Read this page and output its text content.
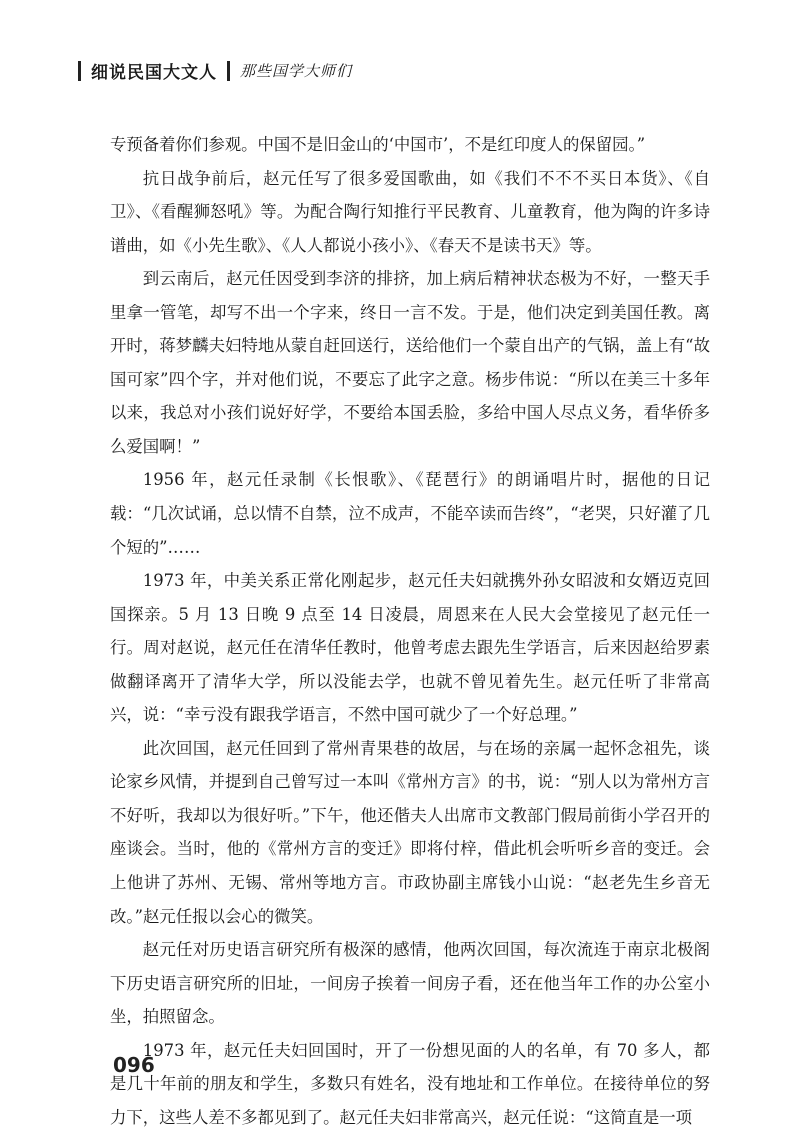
细说民国大文人 那些国学大师们

专预备着你们参观。中国不是旧金山的‘中国市’，不是红印度人的保留园。”

抗日战争前后，赵元任写了很多爱国歌曲，如《我们不不不买日本货》、《自卫》、《看醒狮怒吼》等。为配合陶行知推行平民教育、儿童教育，他为陶的许多诗谱曲，如《小先生歌》、《人人都说小孩小》、《春天不是读书天》等。

到云南后，赵元任因受到李济的排挤，加上病后精神状态极为不好，一整天手里拿一管笔，却写不出一个字来，终日一言不发。于是，他们决定到美国任教。离开时，蒋梦麟夫妇特地从蒙自赶回送行，送给他们一个蒙自出产的气锅，盖上有“故国可家”四个字，并对他们说，不要忘了此字之意。杨步伟说：“所以在美三十多年以来，我总对小孩们说好好学，不要给本国丢脸，多给中国人尽点义务，看华侨多么爱国啊！”

1956 年，赵元任录制《长恨歌》、《琵琶行》的朗诵唱片时，据他的日记载：“几次试诵，总以情不自禁，泣不成声，不能卒读而告终”，“老哭，只好灌了几个短的”……

1973 年，中美关系正常化刚起步，赵元任夫妇就携外孙女昭波和女婿迈克回国探亲。5 月 13 日晚 9 点至 14 日凌晨，周恩来在人民大会堂接见了赵元任一行。周对赵说，赵元任在清华任教时，他曾考虑去跟先生学语言，后来因赵给罗素做翻译离开了清华大学，所以没能去学，也就不曾见着先生。赵元任听了非常高兴，说：“幸亏没有跟我学语言，不然中国可就少了一个好总理。”

此次回国，赵元任回到了常州青果巷的故居，与在场的亲属一起怀念祖先，谈论家乡风情，并提到自己曾写过一本叫《常州方言》的书，说：“别人以为常州方言不好听，我却以为很好听。”下午，他还偕夫人出席市文教部门假局前街小学召开的座谈会。当时，他的《常州方言的变迁》即将付梓，借此机会听听乡音的变迁。会上他讲了苏州、无锡、常州等地方言。市政协副主席钱小山说：“赵老先生乡音无改。”赵元任报以会心的微笑。

赵元任对历史语言研究所有极深的感情，他两次回国，每次流连于南京北极阁下历史语言研究所的旧址，一间房子挨着一间房子看，还在他当年工作的办公室小坐，拍照留念。

1973 年，赵元任夫妇回国时，开了一份想见面的人的名单，有 70 多人，都是几十年前的朋友和学生，多数只有姓名，没有地址和工作单位。在接待单位的努力下，这些人差不多都见到了。赵元任夫妇非常高兴，赵元任说：“这简直是一项

096
